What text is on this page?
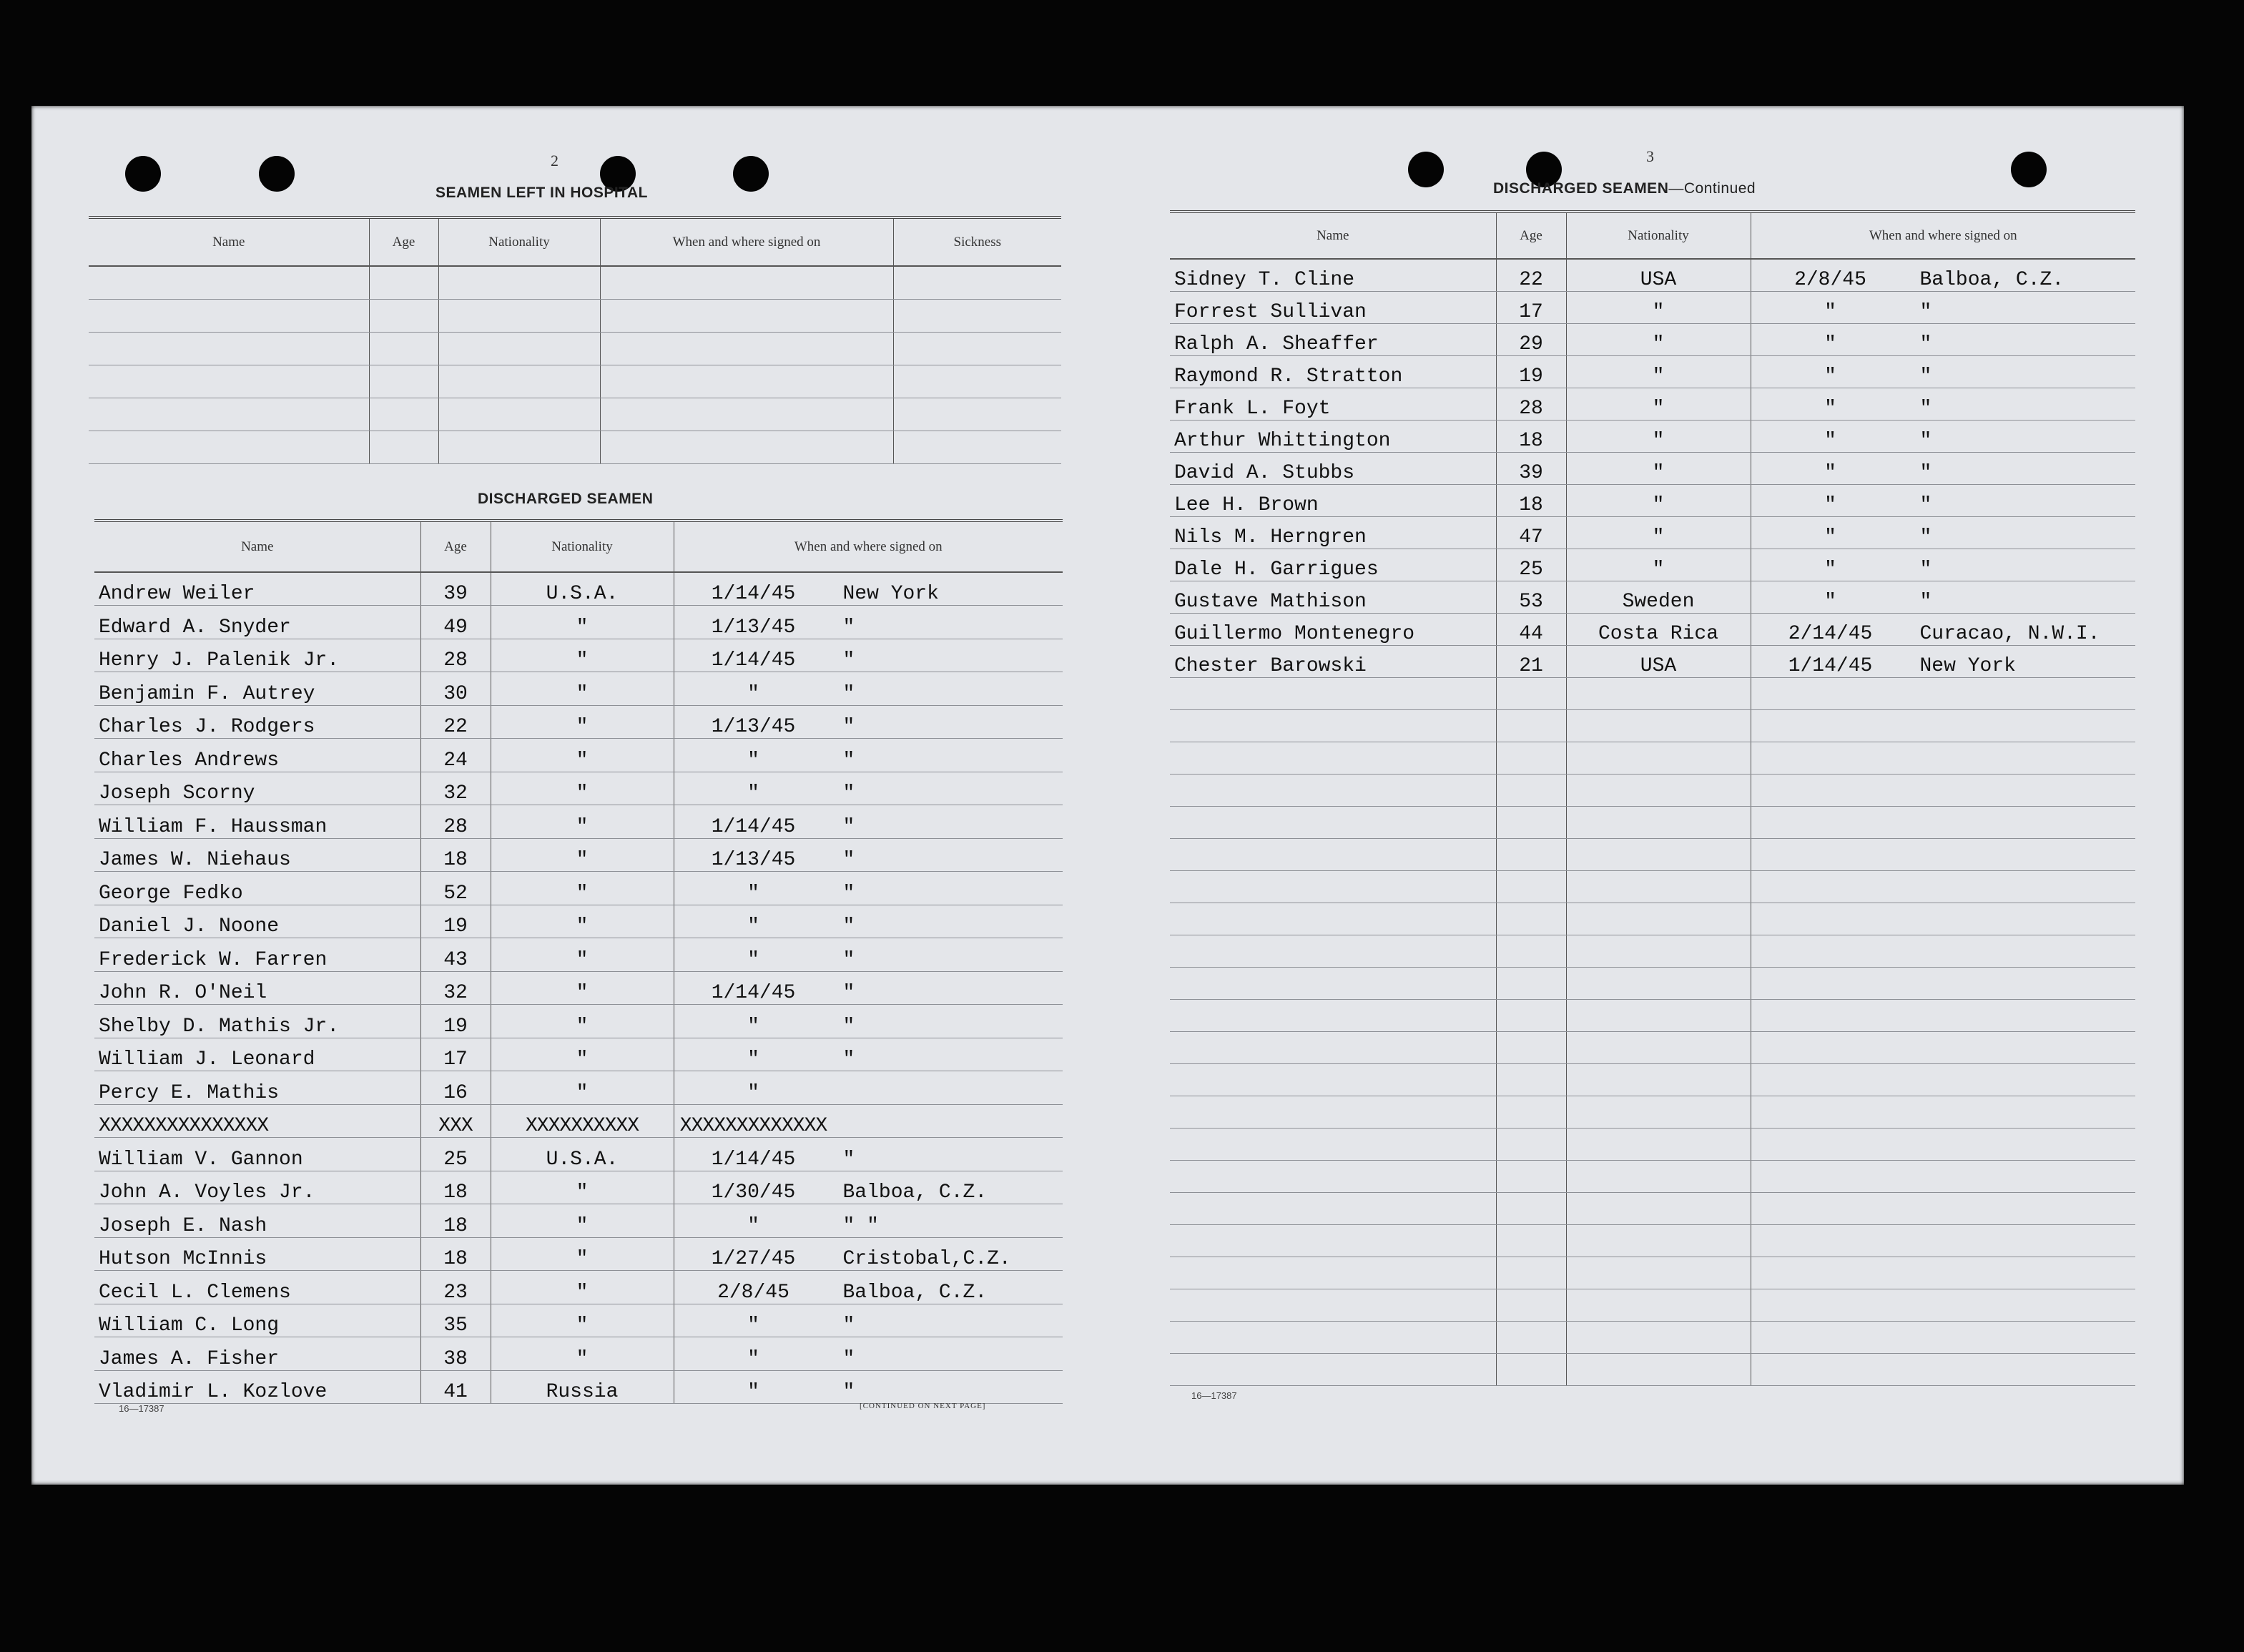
2
SEAMEN LEFT IN HOSPITAL
Name	Age	Nationality	When and where signed on	Sickness

DISCHARGED SEAMEN
Name	Age	Nationality	When and where signed on
Andrew Weiler	39	U.S.A.	1/14/45 New York
Edward A. Snyder	49	"	1/13/45 "
Henry J. Palenik Jr.	28	"	1/14/45 "
Benjamin F. Autrey	30	"	" "
Charles J. Rodgers	22	"	1/13/45 "
Charles Andrews	24	"	" "
Joseph Scorny	32	"	" "
William F. Haussman	28	"	1/14/45 "
James W. Niehaus	18	"	1/13/45 "
George Fedko	52	"	" "
Daniel J. Noone	19	"	" "
Frederick W. Farren	43	"	" "
John R. O'Neil	32	"	1/14/45 "
Shelby D. Mathis Jr.	19	"	" "
William J. Leonard	17	"	" "
Percy E. Mathis	16	"	"
XXXXXXXXXXXXXXX	XXX	XXXXXXXXXX	XXXXXXXXXXXXX
William V. Gannon	25	U.S.A.	1/14/45 "
John A. Voyles Jr.	18	"	1/30/45 Balboa, C.Z.
Joseph E. Nash	18	"	" " "
Hutson McInnis	18	"	1/27/45 Cristobal,C.Z.
Cecil L. Clemens	23	"	2/8/45 Balboa, C.Z.
William C. Long	35	"	" "
James A. Fisher	38	"	" "
Vladimir L. Kozlove	41	Russia	" "
16—17387	[CONTINUED ON NEXT PAGE]
3
DISCHARGED SEAMEN—Continued
Name	Age	Nationality	When and where signed on
Sidney T. Cline	22	USA	2/8/45 Balboa, C.Z.
Forrest Sullivan	17	"	" "
Ralph A. Sheaffer	29	"	" "
Raymond R. Stratton	19	"	" "
Frank L. Foyt	28	"	" "
Arthur Whittington	18	"	" "
David A. Stubbs	39	"	" "
Lee H. Brown	18	"	" "
Nils M. Herngren	47	"	" "
Dale H. Garrigues	25	"	" "
Gustave Mathison	53	Sweden	" "
Guillermo Montenegro	44	Costa Rica	2/14/45 Curacao, N.W.I.
Chester Barowski	21	USA	1/14/45 New York

16—17387
